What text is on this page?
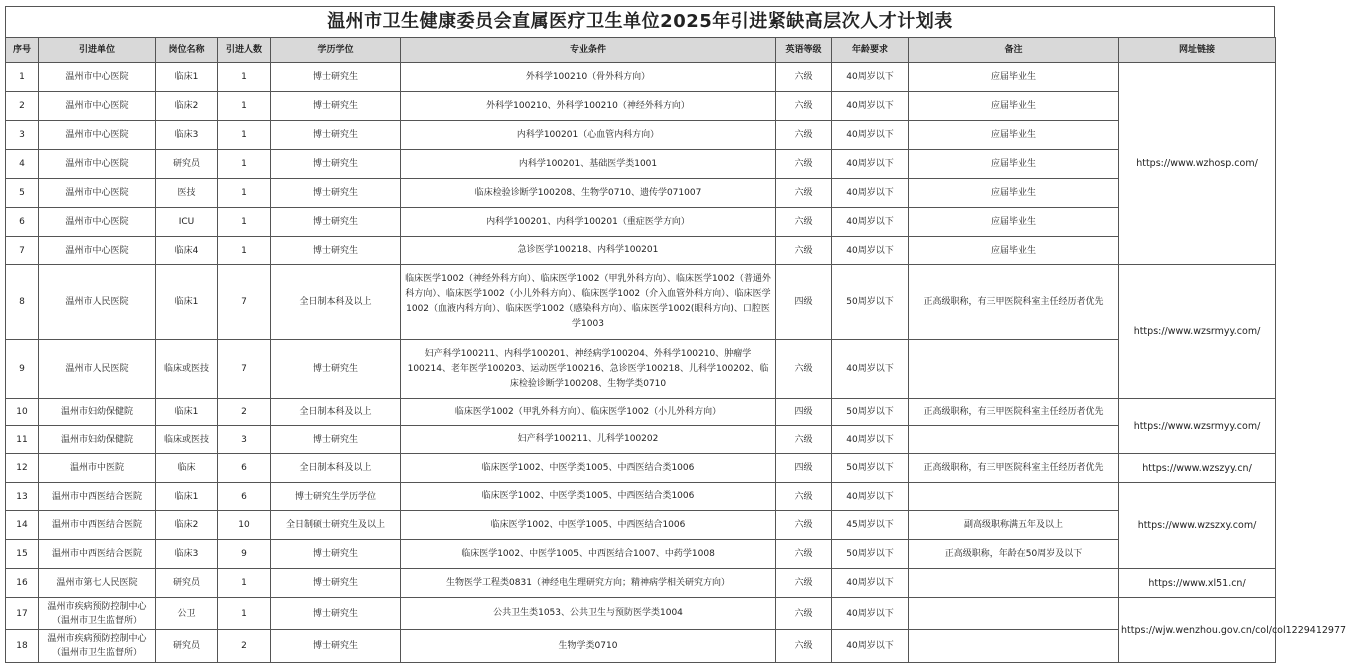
温州市卫生健康委员会直属医疗卫生单位2025年引进紧缺高层次人才计划表
序号	引进单位	岗位名称	引进人数	学历学位	专业条件	英语等级	年龄要求	备注	网址链接
1	温州市中心医院	临床1	1	博士研究生	外科学100210（骨外科方向）	六级	40周岁以下	应届毕业生	https://www.wzhosp.com/
2	温州市中心医院	临床2	1	博士研究生	外科学100210、外科学100210（神经外科方向）	六级	40周岁以下	应届毕业生	
3	温州市中心医院	临床3	1	博士研究生	内科学100201（心血管内科方向）	六级	40周岁以下	应届毕业生	
4	温州市中心医院	研究员	1	博士研究生	内科学100201、基础医学类1001	六级	40周岁以下	应届毕业生	
5	温州市中心医院	医技	1	博士研究生	临床检验诊断学100208、生物学0710、遗传学071007	六级	40周岁以下	应届毕业生	
6	温州市中心医院	ICU	1	博士研究生	内科学100201、内科学100201（重症医学方向）	六级	40周岁以下	应届毕业生	
7	温州市中心医院	临床4	1	博士研究生	急诊医学100218、内科学100201	六级	40周岁以下	应届毕业生	
8	温州市人民医院	临床1	7	全日制本科及以上	临床医学1002（神经外科方向）、临床医学1002（甲乳外科方向）、临床医学1002（普通外科方向）、临床医学1002（小儿外科方向）、临床医学1002（介入血管外科方向）、临床医学1002（血液内科方向）、临床医学1002（感染科方向）、临床医学1002(眼科方向)、口腔医学1003	四级	50周岁以下	正高级职称，有三甲医院科室主任经历者优先	https://www.wzsrmyy.com/
9	温州市人民医院	临床或医技	7	博士研究生	妇产科学100211、内科学100201、神经病学100204、外科学100210、肿瘤学100214、老年医学100203、运动医学100216、急诊医学100218、儿科学100202、临床检验诊断学100208、生物学类0710	六级	40周岁以下		
10	温州市妇幼保健院	临床1	2	全日制本科及以上	临床医学1002（甲乳外科方向）、临床医学1002（小儿外科方向）	四级	50周岁以下	正高级职称，有三甲医院科室主任经历者优先	https://www.wzsrmyy.com/
11	温州市妇幼保健院	临床或医技	3	博士研究生	妇产科学100211、儿科学100202	六级	40周岁以下		
12	温州市中医院	临床	6	全日制本科及以上	临床医学1002、中医学类1005、中西医结合类1006	四级	50周岁以下	正高级职称，有三甲医院科室主任经历者优先	https://www.wzszyy.cn/
13	温州市中西医结合医院	临床1	6	博士研究生学历学位	临床医学1002、中医学类1005、中西医结合类1006	六级	40周岁以下		https://www.wzszxy.com/
14	温州市中西医结合医院	临床2	10	全日制硕士研究生及以上	临床医学1002、中医学1005、中西医结合1006	六级	45周岁以下	副高级职称满五年及以上	
15	温州市中西医结合医院	临床3	9	博士研究生	临床医学1002、中医学1005、中西医结合1007、中药学1008	六级	50周岁以下	正高级职称，年龄在50周岁及以下	
16	温州市第七人民医院	研究员	1	博士研究生	生物医学工程类0831（神经电生理研究方向；精神病学相关研究方向）	六级	40周岁以下		https://www.xl51.cn/
17	温州市疾病预防控制中心（温州市卫生监督所）	公卫	1	博士研究生	公共卫生类1053、公共卫生与预防医学类1004	六级	40周岁以下		https://wjw.wenzhou.gov.cn/col/col1229412977
18	温州市疾病预防控制中心（温州市卫生监督所）	研究员	2	博士研究生	生物学类0710	六级	40周岁以下		
